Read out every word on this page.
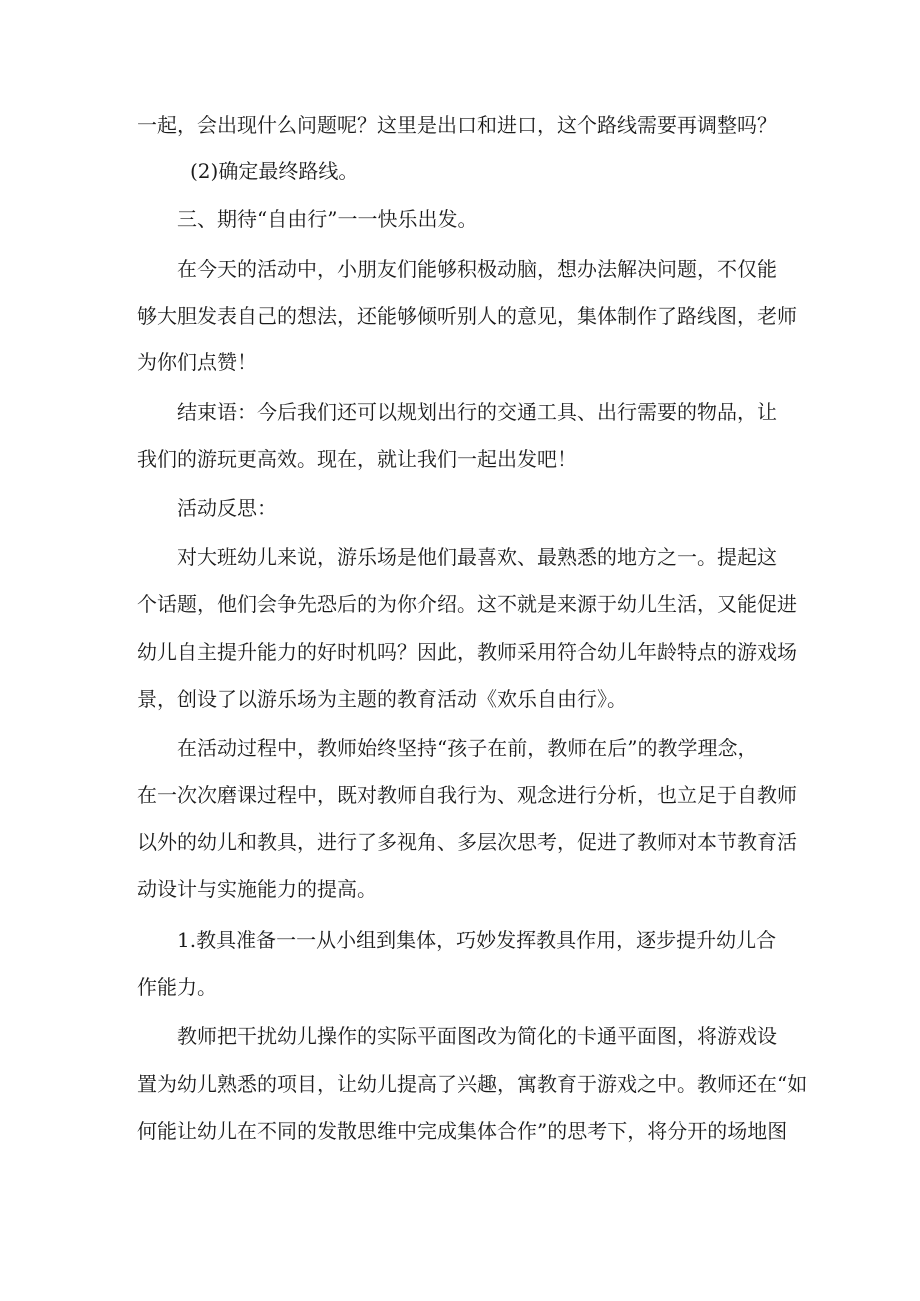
一起，会出现什么问题呢？这里是出口和进口，这个路线需要再调整吗？
(2)确定最终路线。
三、期待“自由行”一一快乐出发。
在今天的活动中，小朋友们能够积极动脑，想办法解决问题，不仅能
够大胆发表自己的想法，还能够倾听别人的意见，集体制作了路线图，老师
为你们点赞！
结束语：今后我们还可以规划出行的交通工具、出行需要的物品，让
我们的游玩更高效。现在，就让我们一起出发吧！
活动反思：
对大班幼儿来说，游乐场是他们最喜欢、最熟悉的地方之一。提起这
个话题，他们会争先恐后的为你介绍。这不就是来源于幼儿生活，又能促进
幼儿自主提升能力的好时机吗？因此，教师采用符合幼儿年龄特点的游戏场
景，创设了以游乐场为主题的教育活动《欢乐自由行》。
在活动过程中，教师始终坚持“孩子在前，教师在后”的教学理念，
在一次次磨课过程中，既对教师自我行为、观念进行分析，也立足于自教师
以外的幼儿和教具，进行了多视角、多层次思考，促进了教师对本节教育活
动设计与实施能力的提高。
1.教具准备一一从小组到集体，巧妙发挥教具作用，逐步提升幼儿合
作能力。
教师把干扰幼儿操作的实际平面图改为简化的卡通平面图，将游戏设
置为幼儿熟悉的项目，让幼儿提高了兴趣，寓教育于游戏之中。教师还在“如
何能让幼儿在不同的发散思维中完成集体合作”的思考下，将分开的场地图
